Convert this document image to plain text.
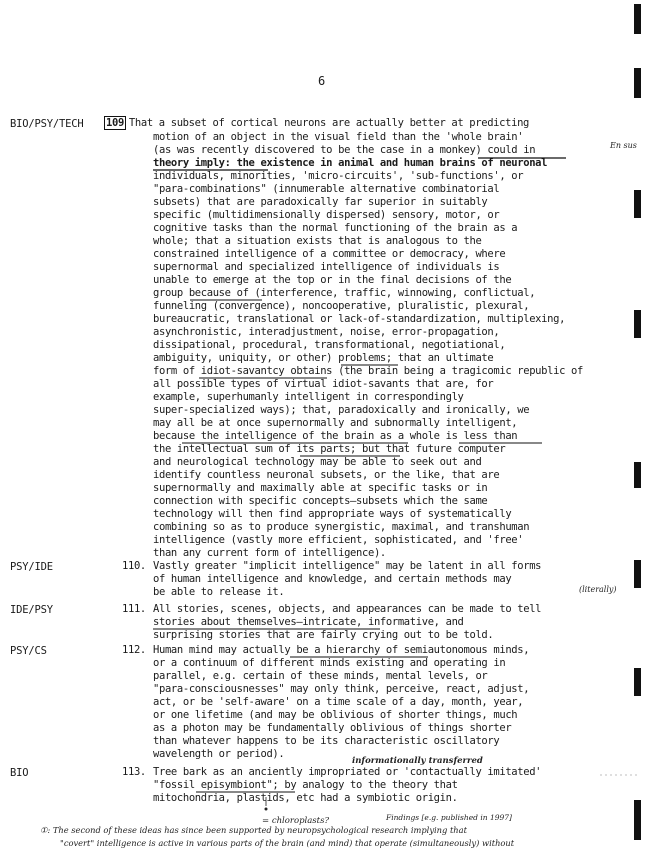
6
BIO/PSY/TECH 109 That a subset of cortical neurons are actually better at predicting
motion of an object in the visual field than the 'whole brain'
(as was recently discovered to be the case in a monkey) could in
theory imply: the existence in animal and human brains of neuronal
individuals, minorities, 'micro-circuits', 'sub-functions', or
"para-combinations" (innumerable alternative combinatorial
subsets) that are paradoxically far superior in suitably
specific (multidimensionally dispersed) sensory, motor, or
cognitive tasks than the normal functioning of the brain as a
whole; that a situation exists that is analogous to the
constrained intelligence of a committee or democracy, where
supernormal and specialized intelligence of individuals is
unable to emerge at the top or in the final decisions of the
group because of (interference, traffic, winnowing, conflictual,
funneling (convergence), noncooperative, pluralistic, plexural,
bureaucratic, translational or lack-of-standardization, multiplexing,
asynchronistic, interadjustment, noise, error-propagation,
dissipational, procedural, transformational, negotiational,
ambiguity, uniquity, or other) problems; that an ultimate
form of idiot-savantcy obtains (the brain being a tragicomic republic of
all possible types of virtual idiot-savants that are, for
example, superhumanly intelligent in correspondingly
super-specialized ways); that, paradoxically and ironically, we
may all be at once supernormally and subnormally intelligent,
because the intelligence of the brain as a whole is less than
the intellectual sum of its parts; but that future computer
and neurological technology may be able to seek out and
identify countless neuronal subsets, or the like, that are
supernormally and maximally able at specific tasks or in
connection with specific concepts—subsets which the same
technology will then find appropriate ways of systematically
combining so as to produce synergistic, maximal, and transhuman
intelligence (vastly more efficient, sophisticated, and 'free'
than any current form of intelligence).
PSY/IDE	110. Vastly greater "implicit intelligence" may be latent in all forms
of human intelligence and knowledge, and certain methods may
be able to release it.
IDE/PSY	111. All stories, scenes, objects, and appearances can be made to tell
stories about themselves—intricate, informative, and
surprising stories that are fairly crying out to be told.
PSY/CS	112. Human mind may actually be a hierarchy of semiautonomous minds,
or a continuum of different minds existing and operating in
parallel, e.g. certain of these minds, mental levels, or
"para-consciousnesses" may only think, perceive, react, adjust,
act, or be 'self-aware' on a time scale of a day, month, year,
or one lifetime (and may be oblivious of shorter things, much
as a photon may be fundamentally oblivious of things shorter
than whatever happens to be its characteristic oscillatory
wavelength or period).
BIO	113. Tree bark as an anciently impropriated or 'contactually imitated'
"fossil episymbiont"; by analogy to the theory that
mitochondria, plastids, etc had a symbiotic origin.
En sus
(literally)
informationally transferred
= chloroplasts?	Findings [e.g. published in 1997]
①: The second of these ideas has since been supported by neuropsychological research implying that
"covert" intelligence is active in various parts of the brain (and mind) that operate (simultaneously) without
